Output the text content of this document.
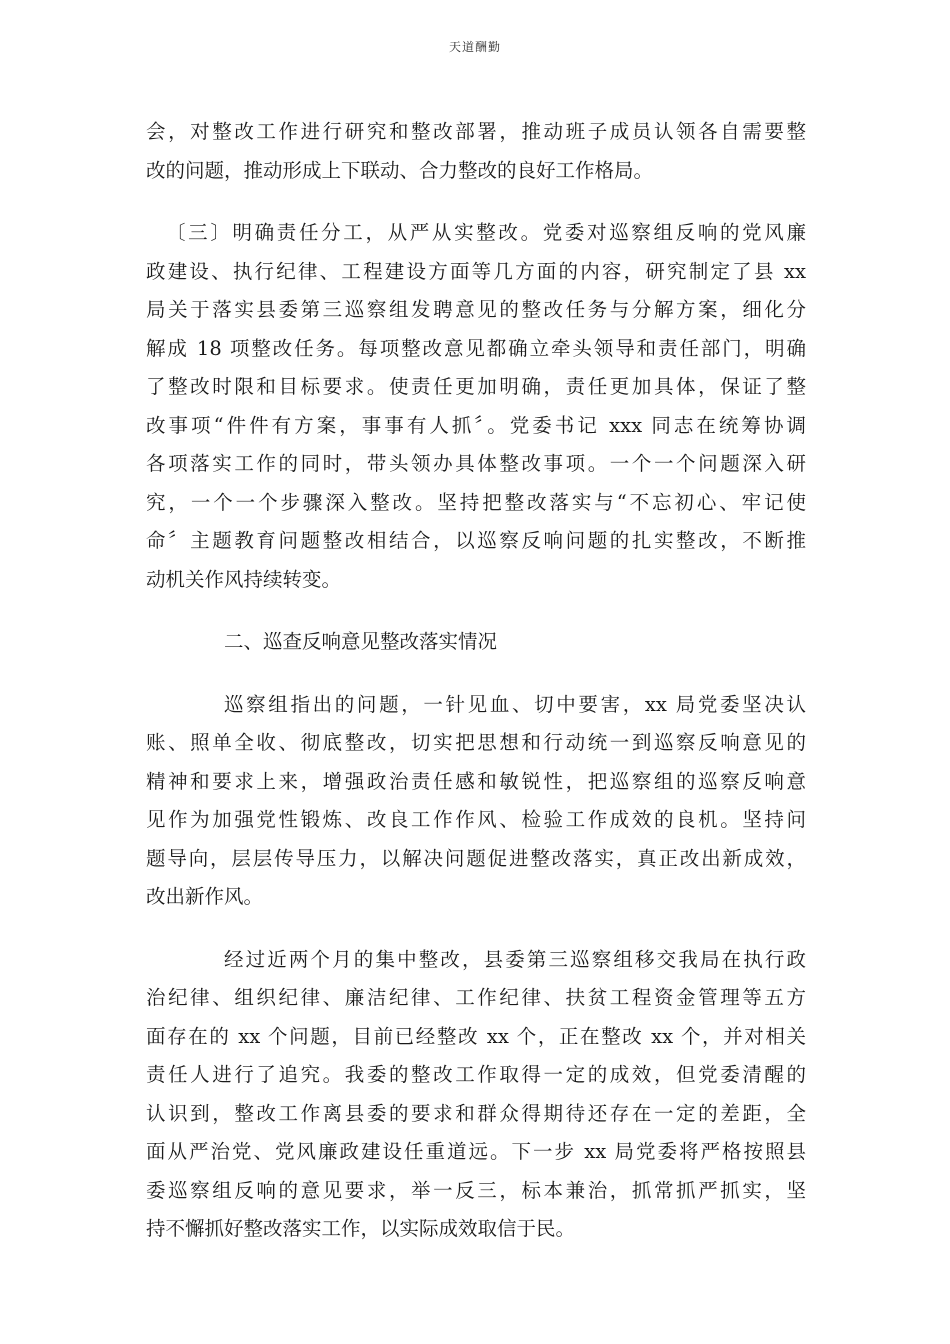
天道酬勤
会，对整改工作进行研究和整改部署，推动班子成员认领各自需要整
改的问题，推动形成上下联动、合力整改的良好工作格局。
〔三〕明确责任分工，从严从实整改。党委对巡察组反响的党风廉
政建设、执行纪律、工程建设方面等几方面的内容，研究制定了县 xx
局关于落实县委第三巡察组发聘意见的整改任务与分解方案，细化分
解成 18 项整改任务。每项整改意见都确立牵头领导和责任部门，明确
了整改时限和目标要求。使责任更加明确，责任更加具体，保证了整
改事项“件件有方案，事事有人抓〞。党委书记 xxx 同志在统筹协调
各项落实工作的同时，带头领办具体整改事项。一个一个问题深入研
究，一个一个步骤深入整改。坚持把整改落实与“不忘初心、牢记使
命〞主题教育问题整改相结合，以巡察反响问题的扎实整改，不断推
动机关作风持续转变。
二、巡查反响意见整改落实情况
巡察组指出的问题，一针见血、切中要害，xx 局党委坚决认
账、照单全收、彻底整改，切实把思想和行动统一到巡察反响意见的
精神和要求上来，增强政治责任感和敏锐性，把巡察组的巡察反响意
见作为加强党性锻炼、改良工作作风、检验工作成效的良机。坚持问
题导向，层层传导压力，以解决问题促进整改落实，真正改出新成效，
改出新作风。
经过近两个月的集中整改，县委第三巡察组移交我局在执行政
治纪律、组织纪律、廉洁纪律、工作纪律、扶贫工程资金管理等五方
面存在的 xx 个问题，目前已经整改 xx 个，正在整改 xx 个，并对相关
责任人进行了追究。我委的整改工作取得一定的成效，但党委清醒的
认识到，整改工作离县委的要求和群众得期待还存在一定的差距，全
面从严治党、党风廉政建设任重道远。下一步 xx 局党委将严格按照县
委巡察组反响的意见要求，举一反三，标本兼治，抓常抓严抓实，坚
持不懈抓好整改落实工作，以实际成效取信于民。
